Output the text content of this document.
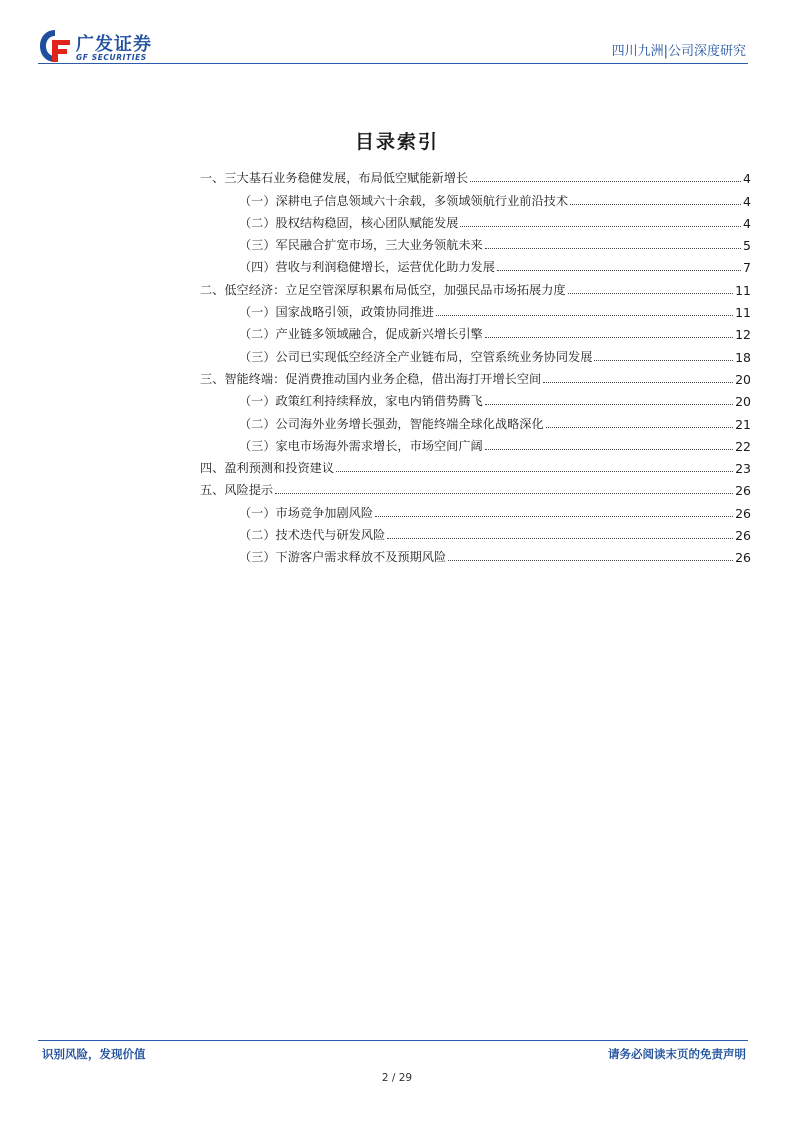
广发证券
GF SECURITIES	四川九洲|公司深度研究
目录索引
一、三大基石业务稳健发展，布局低空赋能新增长	4
（一）深耕电子信息领域六十余载，多领域领航行业前沿技术	4
（二）股权结构稳固，核心团队赋能发展	4
（三）军民融合扩宽市场，三大业务领航未来	5
（四）营收与利润稳健增长，运营优化助力发展	7
二、低空经济：立足空管深厚积累布局低空，加强民品市场拓展力度	11
（一）国家战略引领，政策协同推进	11
（二）产业链多领域融合，促成新兴增长引擎	12
（三）公司已实现低空经济全产业链布局，空管系统业务协同发展	18
三、智能终端：促消费推动国内业务企稳，借出海打开增长空间	20
（一）政策红利持续释放，家电内销借势腾飞	20
（二）公司海外业务增长强劲，智能终端全球化战略深化	21
（三）家电市场海外需求增长，市场空间广阔	22
四、盈利预测和投资建议	23
五、风险提示	26
（一）市场竞争加剧风险	26
（二）技术迭代与研发风险	26
（三）下游客户需求释放不及预期风险	26
识别风险，发现价值	请务必阅读末页的免责声明
2 / 29
